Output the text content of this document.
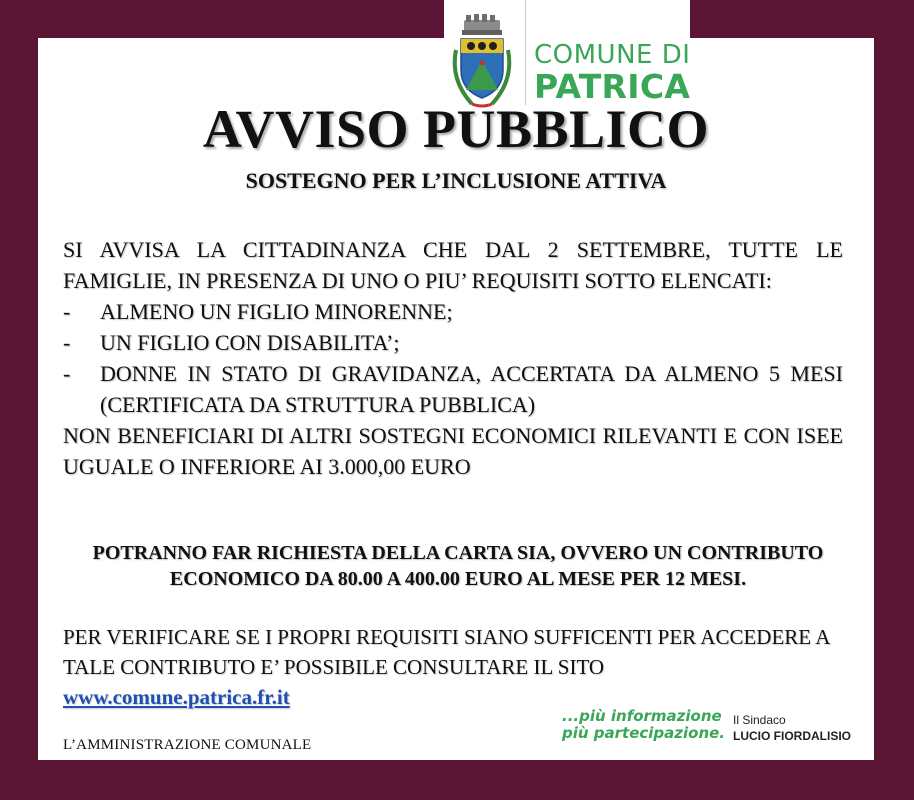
COMUNE DI
PATRICA
AVVISO PUBBLICO
SOSTEGNO PER L’INCLUSIONE ATTIVA

SI AVVISA LA CITTADINANZA CHE DAL 2 SETTEMBRE, TUTTE LE FAMIGLIE, IN PRESENZA DI UNO O PIU’ REQUISITI SOTTO ELENCATI:

-	ALMENO UN FIGLIO MINORENNE;
-	UN FIGLIO CON DISABILITA’;
-	DONNE IN STATO DI GRAVIDANZA, ACCERTATA DA ALMENO 5 MESI (CERTIFICATA DA STRUTTURA PUBBLICA)

NON BENEFICIARI DI ALTRI SOSTEGNI ECONOMICI RILEVANTI E CON ISEE UGUALE O INFERIORE AI 3.000,00 EURO

POTRANNO FAR RICHIESTA DELLA CARTA SIA, OVVERO UN CONTRIBUTO ECONOMICO DA 80.00 A 400.00 EURO AL MESE PER 12 MESI.

PER VERIFICARE SE I PROPRI REQUISITI SIANO SUFFICENTI PER ACCEDERE A TALE CONTRIBUTO E’ POSSIBILE CONSULTARE IL SITO
www.comune.patrica.fr.it
L’AMMINISTRAZIONE COMUNALE
...più informazione
più partecipazione.
Il Sindaco
LUCIO FIORDALISIO
